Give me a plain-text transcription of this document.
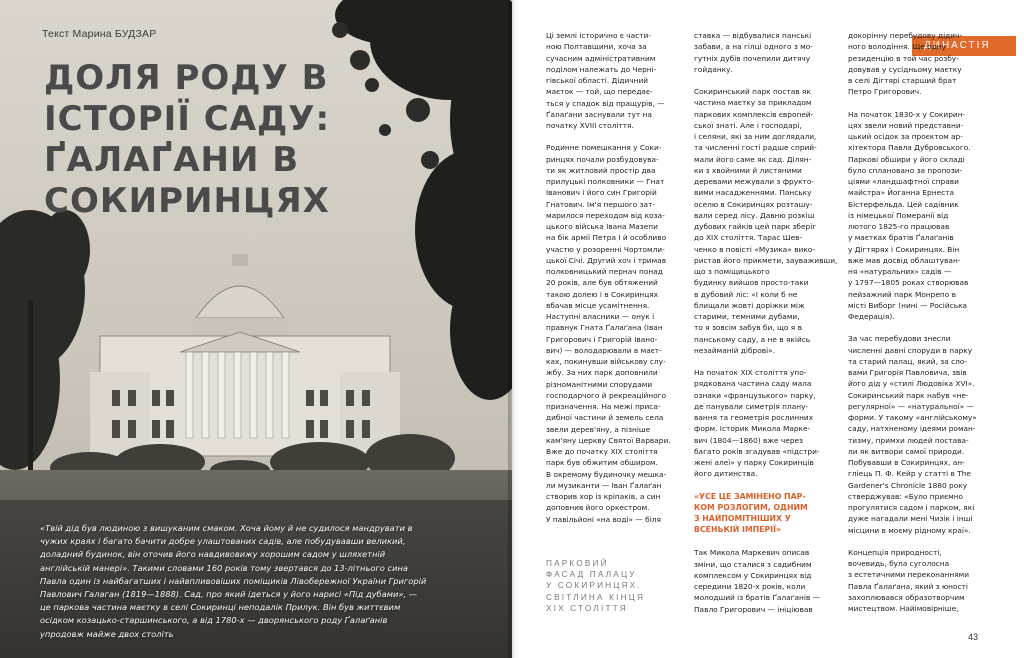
Текст Марина БУДЗАР
ДОЛЯ РОДУ В
ІСТОРІЇ САДУ:
ҐАЛАҐАНИ В
СОКИРИНЦЯХ

«Твій дід був людиною з вишуканим смаком. Хоча йому й не судилося мандрувати в чужих краях і багато бачити добре улаштованих садів, але побудувавши великий, доладний будинок, він оточив його навдивовижу хорошим садом у шляхетній англійській манері». Такими словами 160 років тому звертався до 13-літнього сина Павла один із найбагатших і найвпливовіших поміщиків Лівобережної України Григорій Павлович Галаган (1819—1888). Сад, про який ідеться у його нарисі «Під дубами», — це паркова частина маєтку в селі Сокиринці неподалік Прилук. Він був життєвим осідком козацько-старшинського, а від 1780-х — дворянського роду Ґалаґанів упродовж майже двох століть

ДИНАСТІЯ

Ці землі історично є части-
ною Полтавщини, хоча за
сучасним адміністративним
поділом належать до Черні-
гівської області. Дідичний
маєток — той, що передає-
ться у спадок від пращурів, —
Ґалаґани заснували тут на
початку XVIII століття.

Родинне помешкання у Соки-
ринцях почали розбудовува-
ти як житловий простір два
прилуцькі полковники — Гнат
Іванович і його син Григорій
Гнатович. Ім'я першого зат-
марилося переходом від коза-
цького війська Івана Мазепи
на бік армії Петра I й особливо
участю у розоренні Чортомли-
цької Січі. Другий хоч і тримав
полковницький пернач понад
20 років, але був обтяжений
такою долею і в Сокиринцях
вбачав місце усамітнення.
Наступні власники — онук і
правнук Гната Ґалаґана (Іван
Григорович і Григорій Івано-
вич) — володарювали в маєт-
ках, покинувши військову слу-
жбу. За них парк доповнили
різноманітними спорудами
господарчого й рекреаційного
призначення. На межі приса-
дибної частини й земель села
звели дерев'яну, а пізніше
кам'яну церкву Святої Варвари.
Вже до початку XIX століття
парк був обжитим обширом.
В окремому будиночку мешка-
ли музиканти — Іван Ґалаґан
створив хор із кріпаків, а син
доповнив його оркестром.
У павільйоні «на воді» — біля

ставка — відбувалися панські
забави, а на гілці одного з мо-
гутніх дубів почепили дитячу
гойданку.

Сокиринський парк постав як
частина маєтку за прикладом
паркових комплексів європей-
ської знаті. Але і господарі,
і селяни, які за ним доглядали,
та численні гості радше сприй-
мали його саме як сад. Ділян-
ки з хвойними й листяними
деревами межували з фрукто-
вими насадженнями. Панську
оселю в Сокиринцях розташу-
вали серед лісу. Давню розкіш
дубових гайків цей парк зберіг
до XIX століття. Тарас Шев-
ченко в повісті «Музика» вико-
ристав його прикмети, зауваживши,
що з поміщицького
будинку вийшов просто-таки
в дубовий ліс: «І коли б не
блищали жовті доріжки між
старими, темними дубами,
то я зовсім забув би, що я в
панському саду, а не в якійсь
незайманій діброві».

На початок XIX століття упо-
рядкована частина саду мала
ознаки «французького» парку,
де панували симетрія плану-
вання та геометрія рослинних
форм. Історик Микола Марке-
вич (1804—1860) вже через
багато років згадував «підстри-
жені алеї» у парку Сокиринців
його дитинства.

«УСЕ ЦЕ ЗАМІНЕНО ПАР-
КОМ РОЗЛОГИМ, ОДНИМ
З НАЙПОМІТНІШИХ У
ВСЕНЬКІЙ ІМПЕРІЇ»

Так Микола Маркевич описав
зміни, що сталися з садибним
комплексом у Сокиринцях від
середини 1820-х років, коли
молодший із братів Ґалаґанів —
Павло Григорович — ініціював

докорінну перебудову дідич-
ного володіння. Ще одну
резиденцію в той час розбу-
довував у сусідньому маєтку
в селі Дігтярі старший брат
Петро Григорович.

На початок 1830-х у Сокирин-
цях звели новий представни-
цький осідок за проєктом ар-
хітектора Павла Дубровського.
Паркові обшири у його складі
було сплановано за пропози-
ціями «ландшафтної справи
майстра» Йоганна Ернеста
Бістерфельда. Цей садівник
із німецької Померанії від
лютого 1825-го працював
у маєтках братів Ґалаґанів
у Дігтярях і Сокиринцях. Він
вже мав досвід облаштуван-
ня «натуральних» садів —
у 1797—1805 роках створював
пейзажний парк Монрепо в
місті Виборг (нині — Російська
Федерація).

За час перебудови знесли
численні давні споруди в парку
та старий палац, який, за сло-
вами Григорія Павловича, звів
його дід у «стилі Людовіка XVI».
Сокиринський парк набув «не-
регулярної» — «натуральної» —
форми. У такому «англійському»
саду, натхненому ідеями роман-
тизму, примхи людей постава-
ли як витвори самої природи.
Побувавши в Сокиринцях, ан-
гліець П. Ф. Кейр у статті в The
Gardener's Chronicle 1880 року
стверджував: «Було приємно
прогулятися садом і парком, які
дуже нагадали мені Чизік і інші
місцини в моєму рідному краї».

Концепція природності,
вочевидь, була суголосна
з естетичними переконаннями
Павла Ґалаґана, який з юності
захоплювався образотворчим
мистецтвом. Найімовірніше,

ПАРКОВИЙ
ФАСАД ПАЛАЦУ
У СОКИРИНЦЯХ.
СВІТЛИНА КІНЦЯ
XIX СТОЛІТТЯ
43
